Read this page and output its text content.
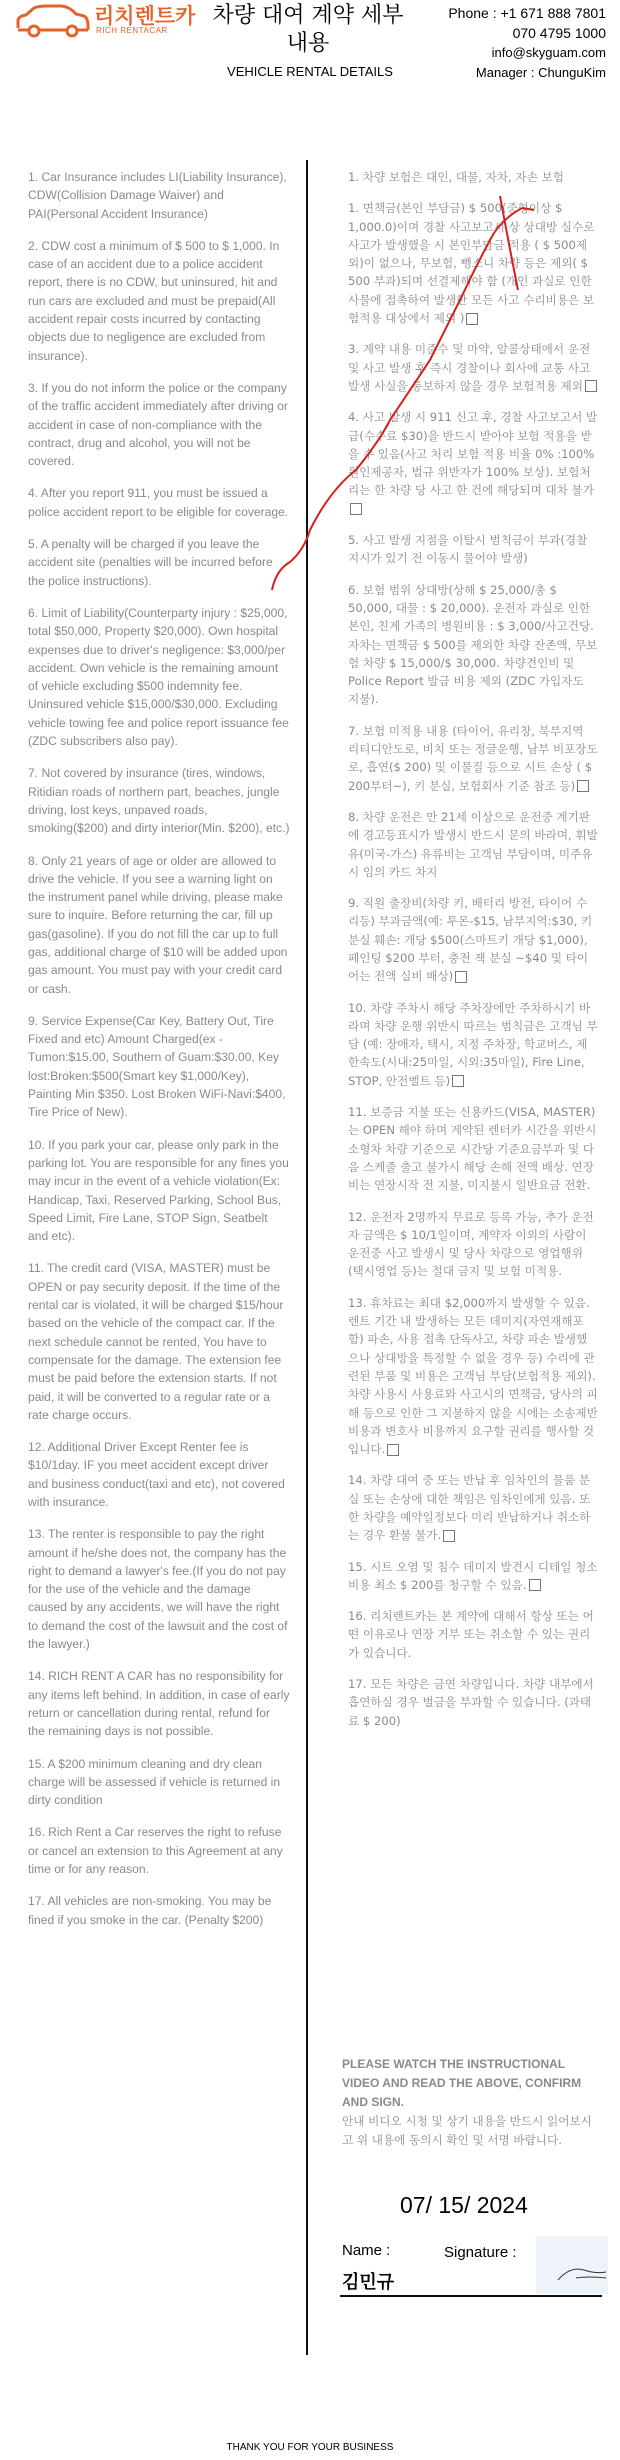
리치렌트카
RICH RENTACAR
차량 대여 계약 세부 내용
VEHICLE RENTAL DETAILS
Phone : +1 671 888 7801
070 4795 1000
info@skyguam.com
Manager : ChunguKim

1. Car Insurance includes LI(Liability Insurance), CDW(Collision Damage Waiver) and PAI(Personal Accident Insurance)

2. CDW cost a minimum of $ 500 to $ 1,000. In case of an accident due to a police accident report, there is no CDW, but uninsured, hit and run cars are excluded and must be prepaid(All accident repair costs incurred by contacting objects due to negligence are excluded from insurance).

3. If you do not inform the police or the company of the traffic accident immediately after driving or accident in case of non-compliance with the contract, drug and alcohol, you will not be covered.

4. After you report 911, you must be issued a police accident report to be eligible for coverage.

5. A penalty will be charged if you leave the accident site (penalties will be incurred before the police instructions).

6. Limit of Liability(Counterparty injury : $25,000, total $50,000, Property $20,000). Own hospital expenses due to driver's negligence: $3,000/per accident. Own vehicle is the remaining amount of vehicle excluding $500 indemnity fee. Uninsured vehicle $15,000/$30,000. Excluding vehicle towing fee and police report issuance fee (ZDC subscribers also pay).

7. Not covered by insurance (tires, windows, Ritidian roads of northern part, beaches, jungle driving, lost keys, unpaved roads, smoking($200) and dirty interior(Min. $200), etc.)

8. Only 21 years of age or older are allowed to drive the vehicle. If you see a warning light on the instrument panel while driving, please make sure to inquire. Before returning the car, fill up gas(gasoline). If you do not fill the car up to full gas, additional charge of $10 will be added upon gas amount. You must pay with your credit card or cash.

9. Service Expense(Car Key, Battery Out, Tire Fixed and etc) Amount Charged(ex - Tumon:$15.00, Southern of Guam:$30.00, Key lost:Broken:$500(Smart key $1,000/Key), Painting Min $350. Lost Broken WiFi-Navi:$400, Tire Price of New).

10. If you park your car, please only park in the parking lot. You are responsible for any fines you may incur in the event of a vehicle violation(Ex: Handicap, Taxi, Reserved Parking, School Bus, Speed Limit, Fire Lane, STOP Sign, Seatbelt and etc).

11. The credit card (VISA, MASTER) must be OPEN or pay security deposit. If the time of the rental car is violated, it will be charged $15/hour based on the vehicle of the compact car. If the next schedule cannot be rented, You have to compensate for the damage. The extension fee must be paid before the extension starts. If not paid, it will be converted to a regular rate or a rate charge occurs.

12. Additional Driver Except Renter fee is $10/1day. IF you meet accident except driver and business conduct(taxi and etc), not covered with insurance.

13. The renter is responsible to pay the right amount if he/she does not, the company has the right to demand a lawyer's fee.(If you do not pay for the use of the vehicle and the damage caused by any accidents, we will have the right to demand the cost of the lawsuit and the cost of the lawyer.)

14. RICH RENT A CAR has no responsibility for any items left behind. In addition, in case of early return or cancellation during rental, refund for the remaining days is not possible.

15. A $200 minimum cleaning and dry clean charge will be assessed if vehicle is returned in dirty condition

16. Rich Rent a Car reserves the right to refuse or cancel an extension to this Agreement at any time or for any reason.

17. All vehicles are non-smoking. You may be fined if you smoke in the car. (Penalty $200)

1. 차량 보험은 대인, 대물, 자차, 자손 보험

1. 면책금(본인 부담금) $ 500(중형이상 $ 1,000.0)이며 경찰 사고보고서 상 상대방 실수로 사고가 발생했을 시 본인부담금 적용 ( $ 500제외)이 없으나, 무보험, 뺑소니 차량 등은 제외( $ 500 부과)되며 선결제해야 함 (개인 과실로 인한 사물에 접촉하여 발생한 모든 사고 수리비용은 보험적용 대상에서 제외 )

3. 계약 내용 미준수 및 마약, 알콜상태에서 운전 및 사고 발생 후 즉시 경찰이나 회사에 교통 사고 발생 사실을 통보하지 않을 경우 보험적용 제외

4. 사고 발생 시 911 신고 후, 경찰 사고보고서 발급(수수료 $30)을 반드시 받아야 보험 적용을 받을 수 있음(사고 처리 보험 적용 비율 0% :100% 원인제공자, 법규 위반자가 100% 보상). 보험처리는 한 차량 당 사고 한 건에 해당되며 대차 불가

5. 사고 발생 지점을 이탈시 범칙금이 부과(경찰지시가 있기 전 이동시 물어야 발생)

6. 보험 범위 상대방(상해 $ 25,000/총 $ 50,000, 대물 : $ 20,000). 운전자 과실로 인한 본인, 친계 가족의 병원비용 : $ 3,000/사고건당. 자차는 면책금 $ 500를 제외한 차량 잔존액, 무보험 차량 $ 15,000/$ 30,000. 차량견인비 및 Police Report 발급 비용 제외 (ZDC 가입자도 지불).

7. 보험 미적용 내용 (타이어, 유리창, 북부지역 리티디안도로, 비치 또는 정글운행, 남부 비포장도로, 흡연($ 200) 및 이물질 등으로 시트 손상 ( $ 200부터~), 키 분실, 보험회사 기준 참조 등)

8. 차량 운전은 만 21세 이상으로 운전중 계기판에 경고등표시가 발생시 반드시 문의 바라며, 휘발유(미국-가스) 유류비는 고객님 부담이며, 미주유시 임의 카드 차지

9. 직원 출장비(차량 키, 배터리 방전, 타이어 수리등) 부과금액(예: 투몬-$15, 남부지역:$30, 키분실 훼손: 개당 $500(스마트키 개당 $1,000), 페인팅 $200 부터, 충전 잭 분실 ~$40 및 타이어는 전액 실비 배상)

10. 차량 주차시 해당 주차장에만 주차하시기 바라며 차량 운행 위반시 따르는 범칙금은 고객님 부담 (예: 장애자, 택시, 지정 주차장, 학교버스, 제한속도(시내:25마일, 시외:35마일), Fire Line, STOP, 안전벨트 등)

11. 보증금 지불 또는 신용카드(VISA, MASTER)는 OPEN 해야 하며 계약된 렌터카 시간을 위반시 소형차 차량 기준으로 시간당 기준요금부과 및 다음 스케줄 출고 불가시 해당 손해 전액 배상. 연장비는 연장시작 전 지불, 미지불시 일반요금 전환.

12. 운전자 2명까지 무료로 등록 가능, 추가 운전자 금액은 $ 10/1일이며, 계약자 이외의 사람이 운전중 사고 발생시 및 당사 차량으로 영업행위(택시영업 등)는 절대 금지 및 보험 미적용.

13. 휴차료는 최대 $2,000까지 발생할 수 있음. 렌트 기간 내 발생하는 모든 데미지(자연재해포함) 파손, 사용 접촉 단독사고, 차량 파손 발생했으나 상대방을 특정할 수 없을 경우 등) 수리에 관련된 부품 및 비용은 고객님 부담(보험적용 제외). 차량 사용시 사용료와 사고시의 면책금, 당사의 피해 등으로 인한 그 지불하지 않을 시에는 소송제반 비용과 변호사 비용까지 요구할 권리를 행사할 것입니다.

14. 차량 대여 중 또는 반납 후 임차인의 물품 분실 또는 손상에 대한 책임은 임차인에게 있음. 또한 차량을 예약일정보다 미리 반납하거나 취소하는 경우 환불 불가.

15. 시트 오염 및 침수 데미지 발견시 디테일 청소 비용 최소 $ 200를 청구할 수 있음.

16. 리치렌트카는 본 계약에 대해서 항상 또는 어떤 이유로나 연장 거부 또는 취소할 수 있는 권리가 있습니다.

17. 모든 차량은 금연 차량입니다. 차량 내부에서 흡연하실 경우 벌금을 부과할 수 있습니다. (과태료 $ 200)

PLEASE WATCH THE INSTRUCTIONAL VIDEO AND READ THE ABOVE, CONFIRM AND SIGN.
안내 비디오 시청 및 상기 내용을 반드시 읽어보시고 위 내용에 동의시 확인 및 서명 바랍니다.
07/ 15/ 2024
Name :
김민규
Signature :
THANK YOU FOR YOUR BUSINESS
